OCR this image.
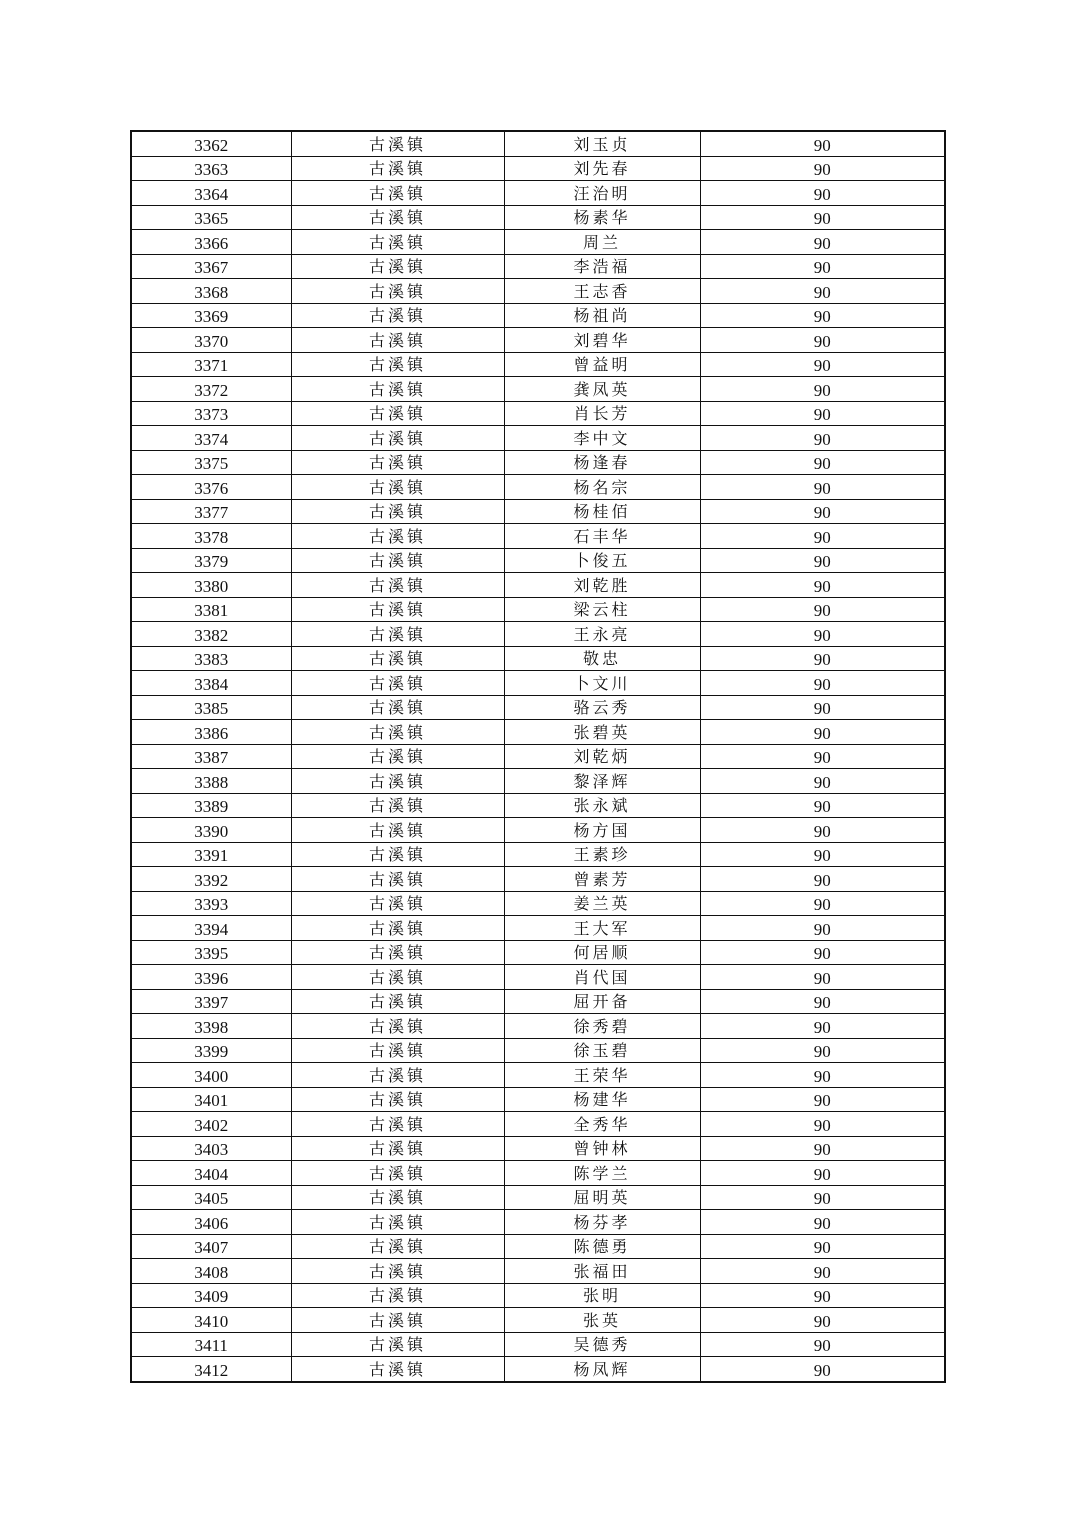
3362	古溪镇	刘玉贞	90
3363	古溪镇	刘先春	90
3364	古溪镇	汪治明	90
3365	古溪镇	杨素华	90
3366	古溪镇	周兰	90
3367	古溪镇	李浩福	90
3368	古溪镇	王志香	90
3369	古溪镇	杨祖尚	90
3370	古溪镇	刘碧华	90
3371	古溪镇	曾益明	90
3372	古溪镇	龚凤英	90
3373	古溪镇	肖长芳	90
3374	古溪镇	李中文	90
3375	古溪镇	杨逢春	90
3376	古溪镇	杨名宗	90
3377	古溪镇	杨桂佰	90
3378	古溪镇	石丰华	90
3379	古溪镇	卜俊五	90
3380	古溪镇	刘乾胜	90
3381	古溪镇	梁云柱	90
3382	古溪镇	王永亮	90
3383	古溪镇	敬忠	90
3384	古溪镇	卜文川	90
3385	古溪镇	骆云秀	90
3386	古溪镇	张碧英	90
3387	古溪镇	刘乾炳	90
3388	古溪镇	黎泽辉	90
3389	古溪镇	张永斌	90
3390	古溪镇	杨方国	90
3391	古溪镇	王素珍	90
3392	古溪镇	曾素芳	90
3393	古溪镇	姜兰英	90
3394	古溪镇	王大军	90
3395	古溪镇	何居顺	90
3396	古溪镇	肖代国	90
3397	古溪镇	屈开备	90
3398	古溪镇	徐秀碧	90
3399	古溪镇	徐玉碧	90
3400	古溪镇	王荣华	90
3401	古溪镇	杨建华	90
3402	古溪镇	全秀华	90
3403	古溪镇	曾钟林	90
3404	古溪镇	陈学兰	90
3405	古溪镇	屈明英	90
3406	古溪镇	杨芬孝	90
3407	古溪镇	陈德勇	90
3408	古溪镇	张福田	90
3409	古溪镇	张明	90
3410	古溪镇	张英	90
3411	古溪镇	吴德秀	90
3412	古溪镇	杨凤辉	90
